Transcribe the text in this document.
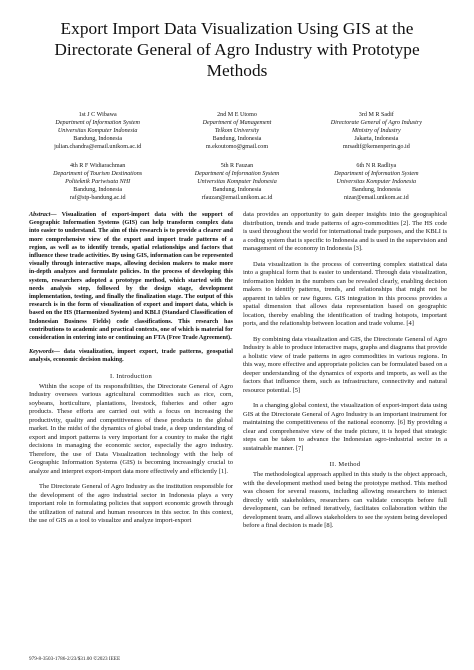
Export Import Data Visualization Using GIS at the Directorate General of Agro Industry with Prototype Methods
1st J C Wibawa
Department of Information System
Universitas Komputer Indonesia
Bandung, Indonesia
julian.chandra@email.unikom.ac.id
2nd M E Utomo
Department of Management
Telkom University
Bandung, Indonesia
m.ekoutomo@gmail.com
3rd M R Sadif
Directorate General of Agro Industry
Ministry of Industry
Jakarta, Indonesia
mrsadif@kemenperin.go.id
4th R F Widiarachman
Department of Tourism Destinations
Politeknik Pariwisata NHI
Bandung, Indonesia
raf@stp-bandung.ac.id
5th R Fauzan
Department of Information System
Universitas Komputer Indonesia
Bandung, Indonesia
rfauzan@email.unikom.ac.id
6th N R Radliya
Department of Information System
Universitas Komputer Indonesia
Bandung, Indonesia
nizar@email.unikom.ac.id
Abstract— Visualization of export-import data with the support of Geographic Information Systems (GIS) can help transform complex data into easier to understand. The aim of this research is to provide a clearer and more comprehensive view of the export and import trade patterns of a region, as well as to identify trends, spatial relationships and factors that influence these trade activities. By using GIS, information can be represented visually through interactive maps, allowing decision makers to make more in-depth analyzes and formulate policies. In the process of developing this system, researchers adopted a prototype method, which started with the needs analysis step, followed by the design stage, development implementation, testing, and finally the finalization stage. The output of this research is in the form of visualization of export and import data, which is based on the HS (Harmonized System) and KBLI (Standard Classification of Indonesian Business Fields) code classifications. This research has contributions to academic and practical contexts, one of which is material for consideration in entering into or continuing an FTA (Free Trade Agreement).
Keywords— data visualization, import export, trade patterns, geospatial analysis, economic decision making.
I. Introduction

Within the scope of its responsibilities, the Directorate General of Agro Industry oversees various agricultural commodities such as rice, corn, soybeans, horticulture, plantations, livestock, fisheries and other agro products. These efforts are carried out with a focus on increasing the productivity, quality and competitiveness of these products in the global market. In the midst of the dynamics of global trade, a deep understanding of export and import patterns is very important for a country to make the right decisions in managing the economic sector, especially the agro industry. Therefore, the use of Data Visualization technology with the help of Geographic Information Systems (GIS) is becoming increasingly crucial to analyze and interpret export-import data more effectively and efficiently [1].

The Directorate General of Agro Industry as the institution responsible for the development of the agro industrial sector in Indonesia plays a very important role in formulating policies that support economic growth through the utilization of natural and human resources in this sector. In this context, the use of GIS as a tool to visualize and analyze import-export

data provides an opportunity to gain deeper insights into the geographical distribution, trends and trade patterns of agro-commodities [2]. The HS code is used throughout the world for international trade purposes, and the KBLI is a coding system that is specific to Indonesia and is used in the supervision and management of the economy in Indonesia [3].

Data visualization is the process of converting complex statistical data into a graphical form that is easier to understand. Through data visualization, information hidden in the numbers can be revealed clearly, enabling decision makers to identify patterns, trends, and relationships that might not be apparent in tables or raw figures. GIS integration in this process provides a spatial dimension that allows data representation based on geographic location, thereby enabling the identification of trading hotspots, important ports, and the relationship between location and trade volume. [4]

By combining data visualization and GIS, the Directorate General of Agro Industry is able to produce interactive maps, graphs and diagrams that provide a holistic view of trade patterns in agro commodities in various regions. In this way, more effective and appropriate policies can be formulated based on a deeper understanding of the dynamics of exports and imports, as well as the factors that influence them, such as infrastructure, connectivity and natural resource potential. [5]

In a changing global context, the visualization of export-import data using GIS at the Directorate General of Agro Industry is an important instrument for maintaining the competitiveness of the national economy. [6] By providing a clear and comprehensive view of the trade picture, it is hoped that strategic steps can be taken to advance the Indonesian agro-industrial sector in a sustainable manner. [7]

II. Method

The methodological approach applied in this study is the object approach, with the development method used being the prototype method. This method was chosen for several reasons, including allowing researchers to interact directly with stakeholders, researchers can validate concepts before full development, can be refined iteratively, facilitates collaboration within the development team, and allows stakeholders to see the system being developed before a final decision is made [8].

979-8-3503-1786-2/23/$31.00 ©2023 IEEE
